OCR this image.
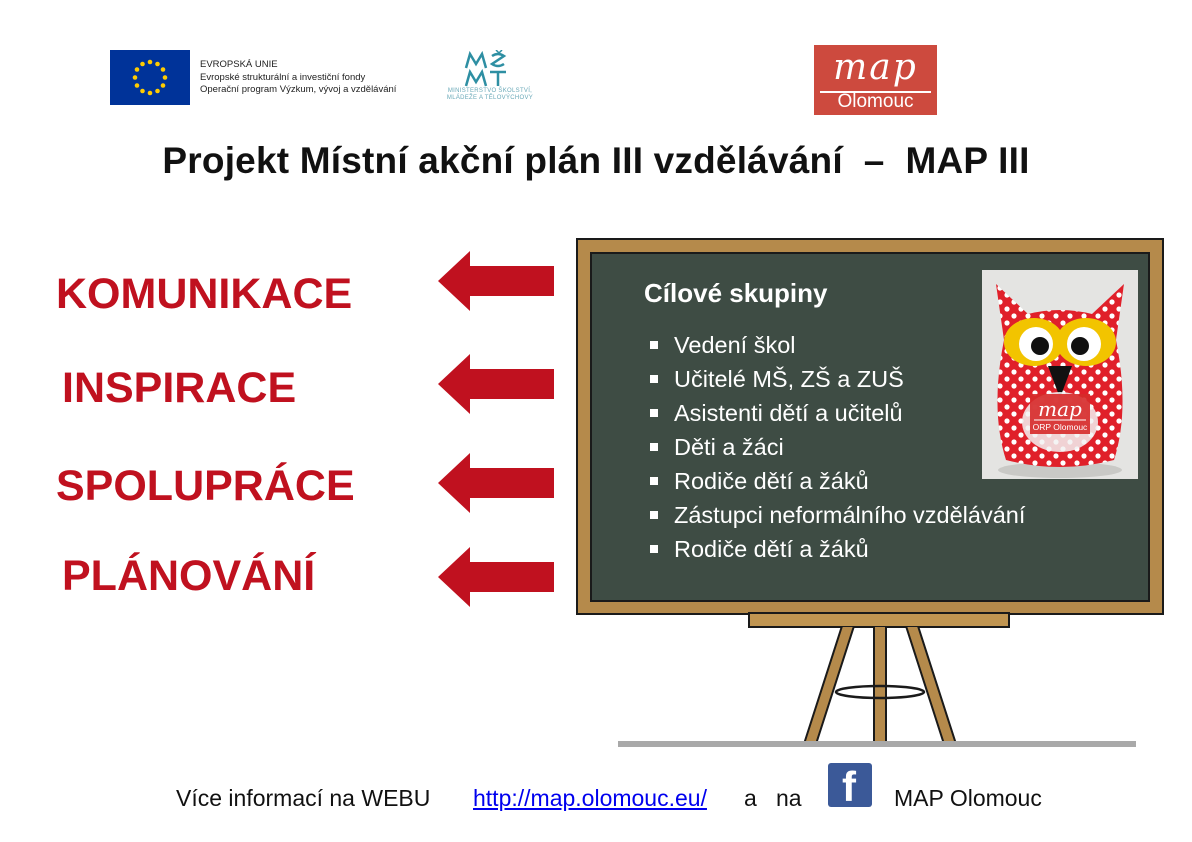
EVROPSKÁ UNIE
Evropské strukturální a investiční fondy
Operační program Výzkum, vývoj a vzdělávání	MINISTERSTVO ŠKOLSTVÍ,
MLÁDEŽE A TĚLOVÝCHOVY
map
Olomouc
Projekt Místní akční plán III vzdělávání  –  MAP III
KOMUNIKACE
INSPIRACE
SPOLUPRÁCE
PLÁNOVÁNÍ
Cílové skupiny
Vedení škol
Učitelé MŠ, ZŠ a ZUŠ
Asistenti dětí a učitelů
Děti a žáci
Rodiče dětí a žáků
Zástupci neformálního vzdělávání
Rodiče dětí a žáků
map
ORP Olomouc
Více informací na WEBU http://map.olomouc.eu/ a   na f MAP Olomouc
